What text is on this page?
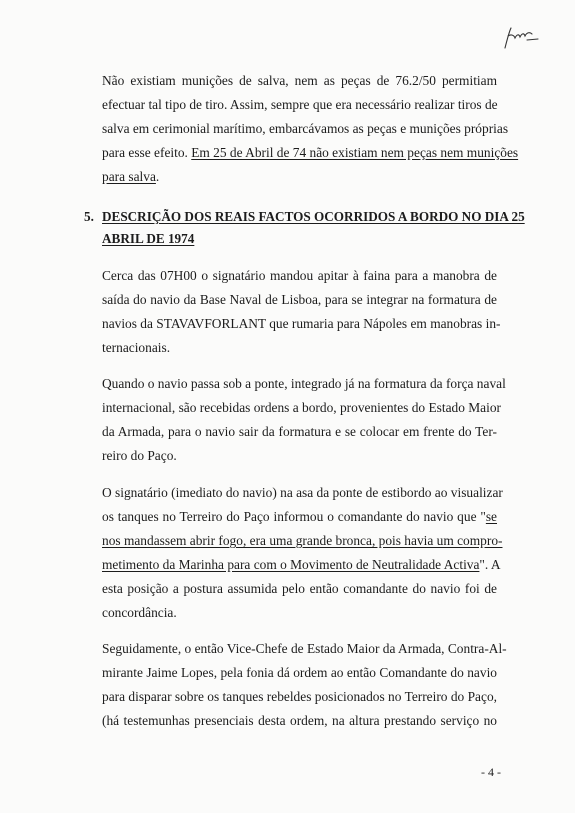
Não existiam munições de salva, nem as peças de 76.2/50 permitiam
efectuar tal tipo de tiro. Assim, sempre que era necessário realizar tiros de
salva em cerimonial marítimo, embarcávamos as peças e munições próprias
para esse efeito. Em 25 de Abril de 74 não existiam nem peças nem munições
para salva.
5. DESCRIÇÃO DOS REAIS FACTOS OCORRIDOS A BORDO NO DIA 25
ABRIL DE 1974
Cerca das 07H00 o signatário mandou apitar à faina para a manobra de
saída do navio da Base Naval de Lisboa, para se integrar na formatura de
navios da STAVAVFORLANT que rumaria para Nápoles em manobras in-
ternacionais.
Quando o navio passa sob a ponte, integrado já na formatura da força naval
internacional, são recebidas ordens a bordo, provenientes do Estado Maior
da Armada, para o navio sair da formatura e se colocar em frente do Ter-
reiro do Paço.
O signatário (imediato do navio) na asa da ponte de estibordo ao visualizar
os tanques no Terreiro do Paço informou o comandante do navio que "se
nos mandassem abrir fogo, era uma grande bronca, pois havia um compro-
metimento da Marinha para com o Movimento de Neutralidade Activa". A
esta posição a postura assumida pelo então comandante do navio foi de
concordância.
Seguidamente, o então Vice-Chefe de Estado Maior da Armada, Contra-Al-
mirante Jaime Lopes, pela fonia dá ordem ao então Comandante do navio
para disparar sobre os tanques rebeldes posicionados no Terreiro do Paço,
(há testemunhas presenciais desta ordem, na altura prestando serviço no
- 4 -
